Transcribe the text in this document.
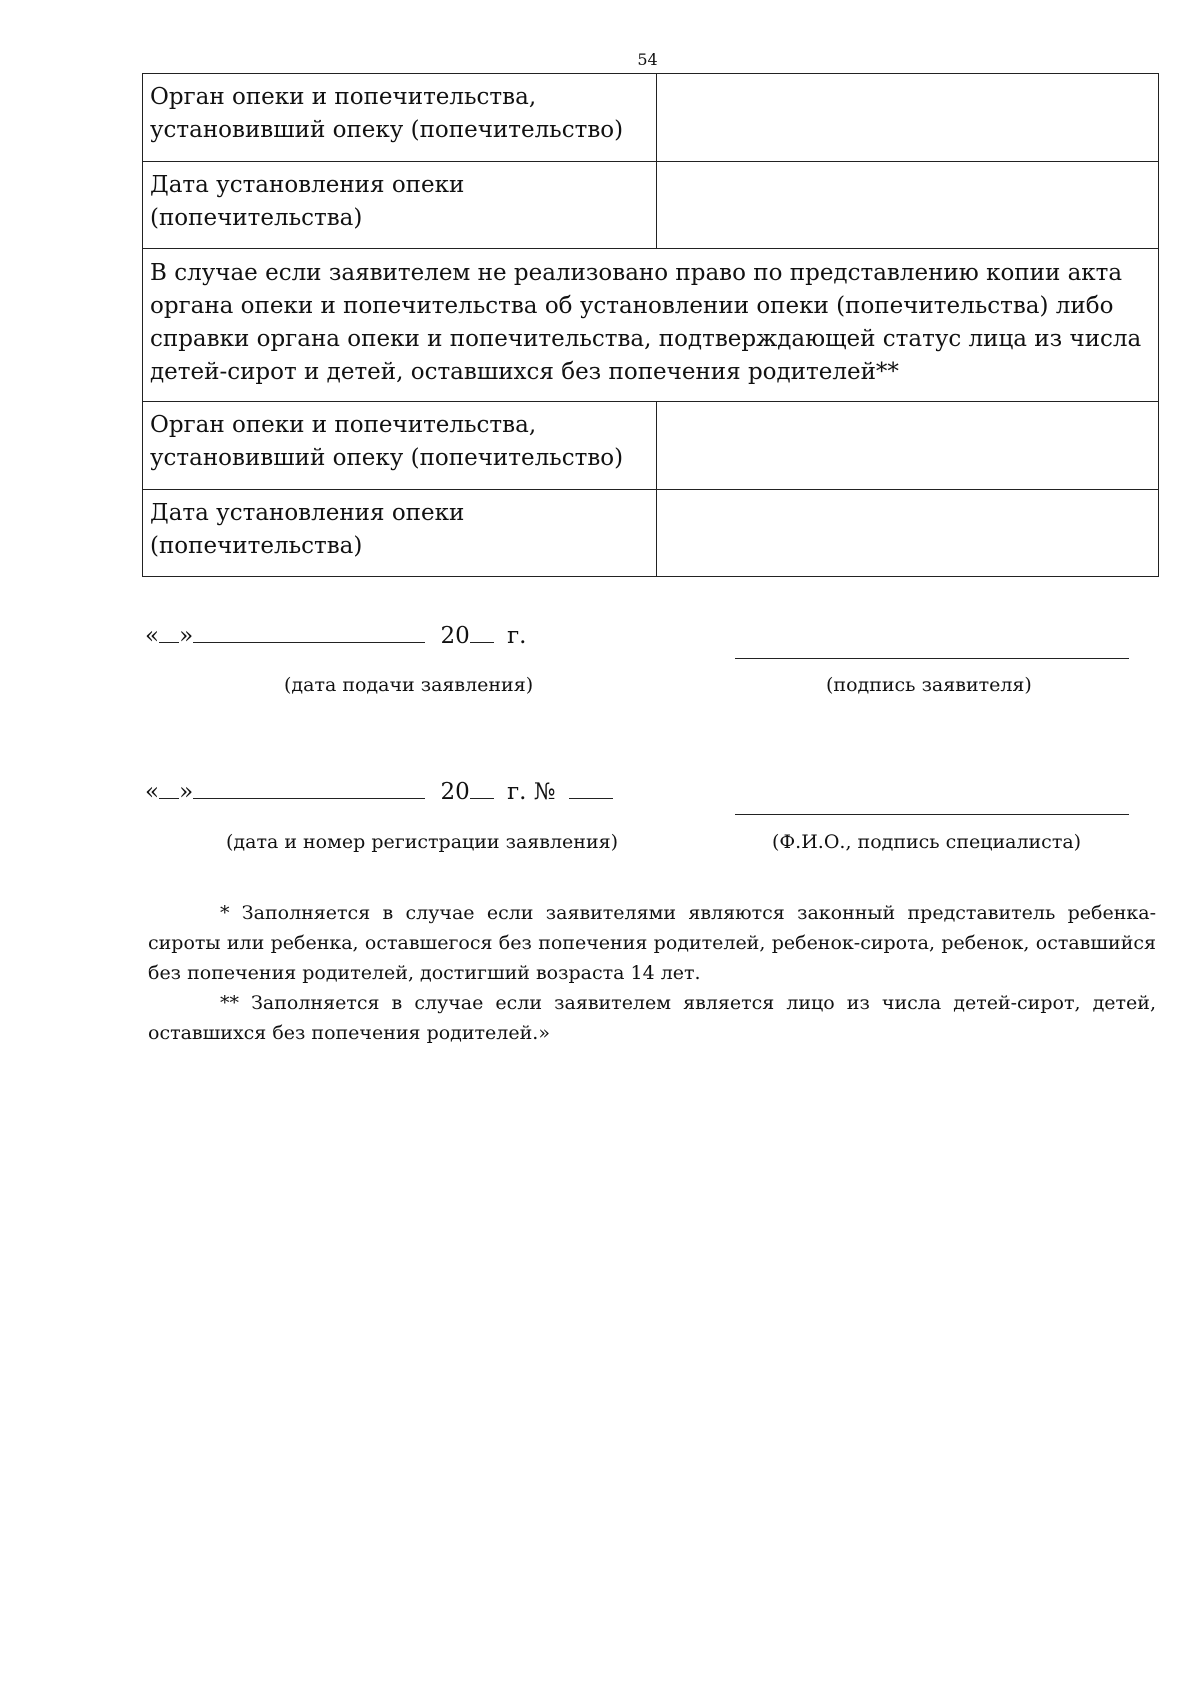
54
Орган опеки и попечительства, установивший опеку (попечительство)	
Дата установления опеки (попечительства)	
В случае если заявителем не реализовано право по представлению копии акта органа опеки и попечительства об установлении опеки (попечительства) либо справки органа опеки и попечительства, подтверждающей статус лица из числа детей-сирот и детей, оставшихся без попечения родителей**	
Орган опеки и попечительства, установивший опеку (попечительство)	
Дата установления опеки (попечительства)	
« »	20 г.
(дата подачи заявления)	(подпись заявителя)
« »	20 г. №
(дата и номер регистрации заявления)	(Ф.И.О., подпись специалиста)

* Заполняется в случае если заявителями являются законный представитель ребенка-сироты или ребенка, оставшегося без попечения родителей, ребенок-сирота, ребенок, оставшийся без попечения родителей, достигший возраста 14 лет.

** Заполняется в случае если заявителем является лицо из числа детей-сирот, детей, оставшихся без попечения родителей.»
